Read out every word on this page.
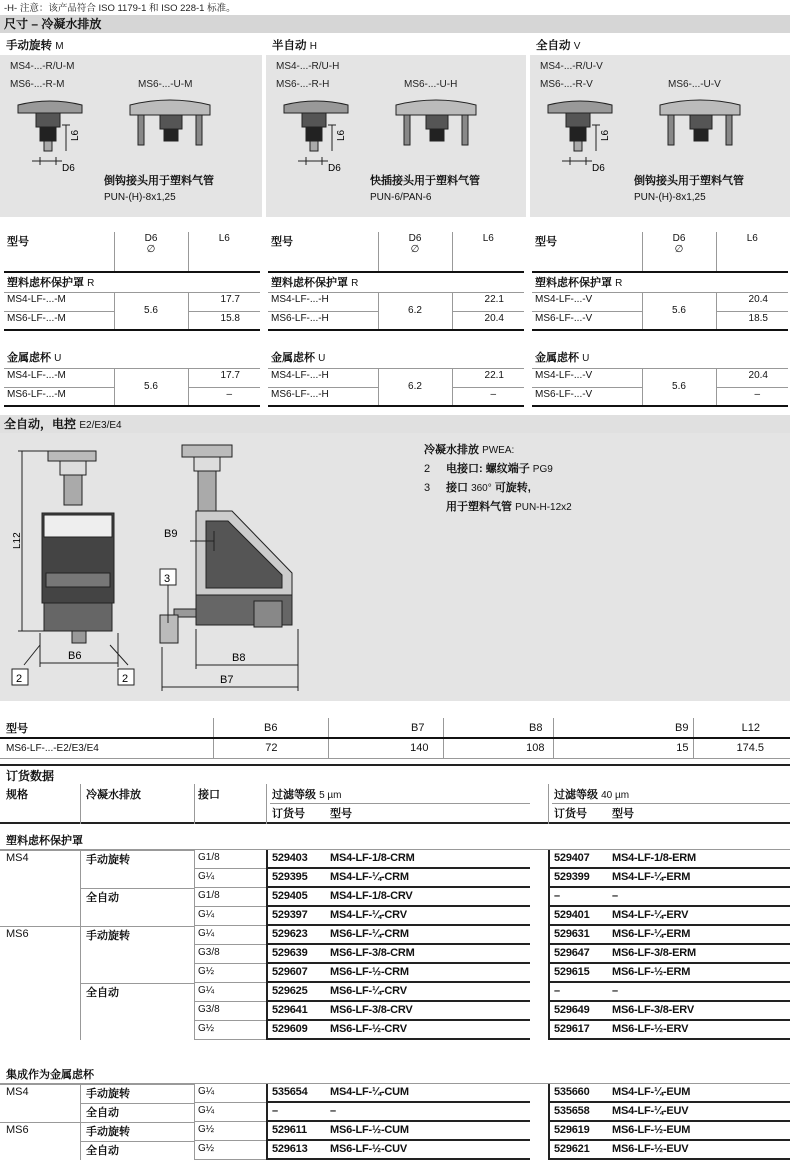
-H- 注意：该产品符合 ISO 1179-1 和 ISO 228-1 标准。
尺寸 – 冷凝水排放
手动旋转 M
MS4-...-R/U-M
MS6-...-R-M	MS6-...-U-M
L6
D6
倒钩接头用于塑料气管
PUN-(H)-8x1,25
半自动 H
MS4-...-R/U-H
MS6-...-R-H	MS6-...-U-H
L6
D6
快插接头用于塑料气管
PUN-6/PAN-6
全自动 V
MS4-...-R/U-V
MS6-...-R-V	MS6-...-U-V
L6
D6
倒钩接头用于塑料气管
PUN-(H)-8x1,25
型号	D6
∅	L6
塑料虑杯保护罩 R		
MS4-LF-...-M	5.6	17.7
MS6-LF-...-M		15.8

金属虑杯 U		
MS4-LF-...-M	5.6	17.7
MS6-LF-...-M		–
型号	D6
∅	L6
塑料虑杯保护罩 R		
MS4-LF-...-H	6.2	22.1
MS6-LF-...-H		20.4

金属虑杯 U		
MS4-LF-...-H	6.2	22.1
MS6-LF-...-H		–
型号	D6
∅	L6
塑料虑杯保护罩 R		
MS4-LF-...-V	5.6	20.4
MS6-LF-...-V		18.5

金属虑杯 U		
MS4-LF-...-V	5.6	20.4
MS6-LF-...-V		–
全自动，电控 E2/E3/E4
L12
B6
2	2
3
B9
B8
B7
冷凝水排放 PWEA:
2 电接口: 螺纹端子 PG9
3 接口 360° 可旋转,
用于塑料气管 PUN-H-12x2
型号	B6	B7	B8	B9	L12
MS6-LF-...-E2/E3/E4	72	140	108	15	174.5
订货数据
规格	冷凝水排放	接口	过滤等级 5 µm
订货号 型号
过滤等级 40 µm
订货号 型号
塑料虑杯保护罩
MS4	手动旋转	G1/8	529403 MS4-LF-1/8-CRM	529407 MS4-LF-1/8-ERM
G¼	529395 MS4-LF-¼-CRM	529399 MS4-LF-¼-ERM
全自动	G1/8	529405 MS4-LF-1/8-CRV	–	–
G¼	529397 MS4-LF-¼-CRV	529401 MS4-LF-¼-ERV
MS6	手动旋转	G¼	529623 MS6-LF-¼-CRM	529631 MS6-LF-¼-ERM
G3/8	529639 MS6-LF-3/8-CRM	529647 MS6-LF-3/8-ERM
G½	529607 MS6-LF-½-CRM	529615 MS6-LF-½-ERM
全自动	G¼	529625 MS6-LF-¼-CRV	–	–
G3/8	529641 MS6-LF-3/8-CRV	529649 MS6-LF-3/8-ERV
G½	529609 MS6-LF-½-CRV	529617 MS6-LF-½-ERV
集成作为金属虑杯
MS4	手动旋转	G¼	535654 MS4-LF-¼-CUM	535660 MS4-LF-¼-EUM
全自动	G¼	–	–	535658 MS4-LF-¼-EUV
MS6	手动旋转	G½	529611 MS6-LF-½-CUM	529619 MS6-LF-½-EUM
全自动	G½	529613 MS6-LF-½-CUV	529621 MS6-LF-½-EUV
